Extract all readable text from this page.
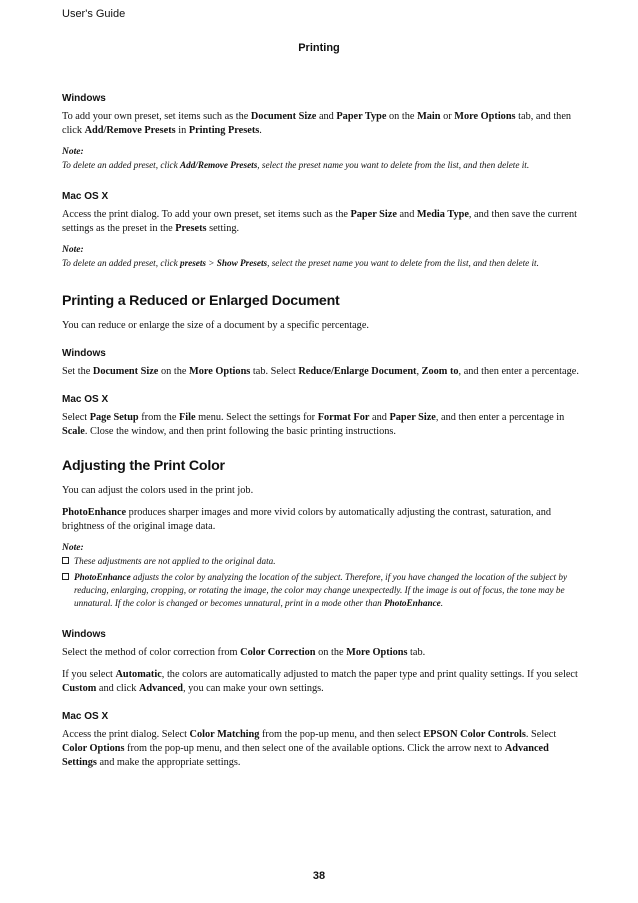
User's Guide
Printing
Windows
To add your own preset, set items such as the Document Size and Paper Type on the Main or More Options tab, and then click Add/Remove Presets in Printing Presets.
Note:
To delete an added preset, click Add/Remove Presets, select the preset name you want to delete from the list, and then delete it.
Mac OS X
Access the print dialog. To add your own preset, set items such as the Paper Size and Media Type, and then save the current settings as the preset in the Presets setting.
Note:
To delete an added preset, click presets > Show Presets, select the preset name you want to delete from the list, and then delete it.
Printing a Reduced or Enlarged Document
You can reduce or enlarge the size of a document by a specific percentage.
Windows
Set the Document Size on the More Options tab. Select Reduce/Enlarge Document, Zoom to, and then enter a percentage.
Mac OS X
Select Page Setup from the File menu. Select the settings for Format For and Paper Size, and then enter a percentage in Scale. Close the window, and then print following the basic printing instructions.
Adjusting the Print Color
You can adjust the colors used in the print job.
PhotoEnhance produces sharper images and more vivid colors by automatically adjusting the contrast, saturation, and brightness of the original image data.
Note:
These adjustments are not applied to the original data.
PhotoEnhance adjusts the color by analyzing the location of the subject. Therefore, if you have changed the location of the subject by reducing, enlarging, cropping, or rotating the image, the color may change unexpectedly. If the image is out of focus, the tone may be unnatural. If the color is changed or becomes unnatural, print in a mode other than PhotoEnhance.
Windows
Select the method of color correction from Color Correction on the More Options tab.
If you select Automatic, the colors are automatically adjusted to match the paper type and print quality settings. If you select Custom and click Advanced, you can make your own settings.
Mac OS X
Access the print dialog. Select Color Matching from the pop-up menu, and then select EPSON Color Controls. Select Color Options from the pop-up menu, and then select one of the available options. Click the arrow next to Advanced Settings and make the appropriate settings.
38
